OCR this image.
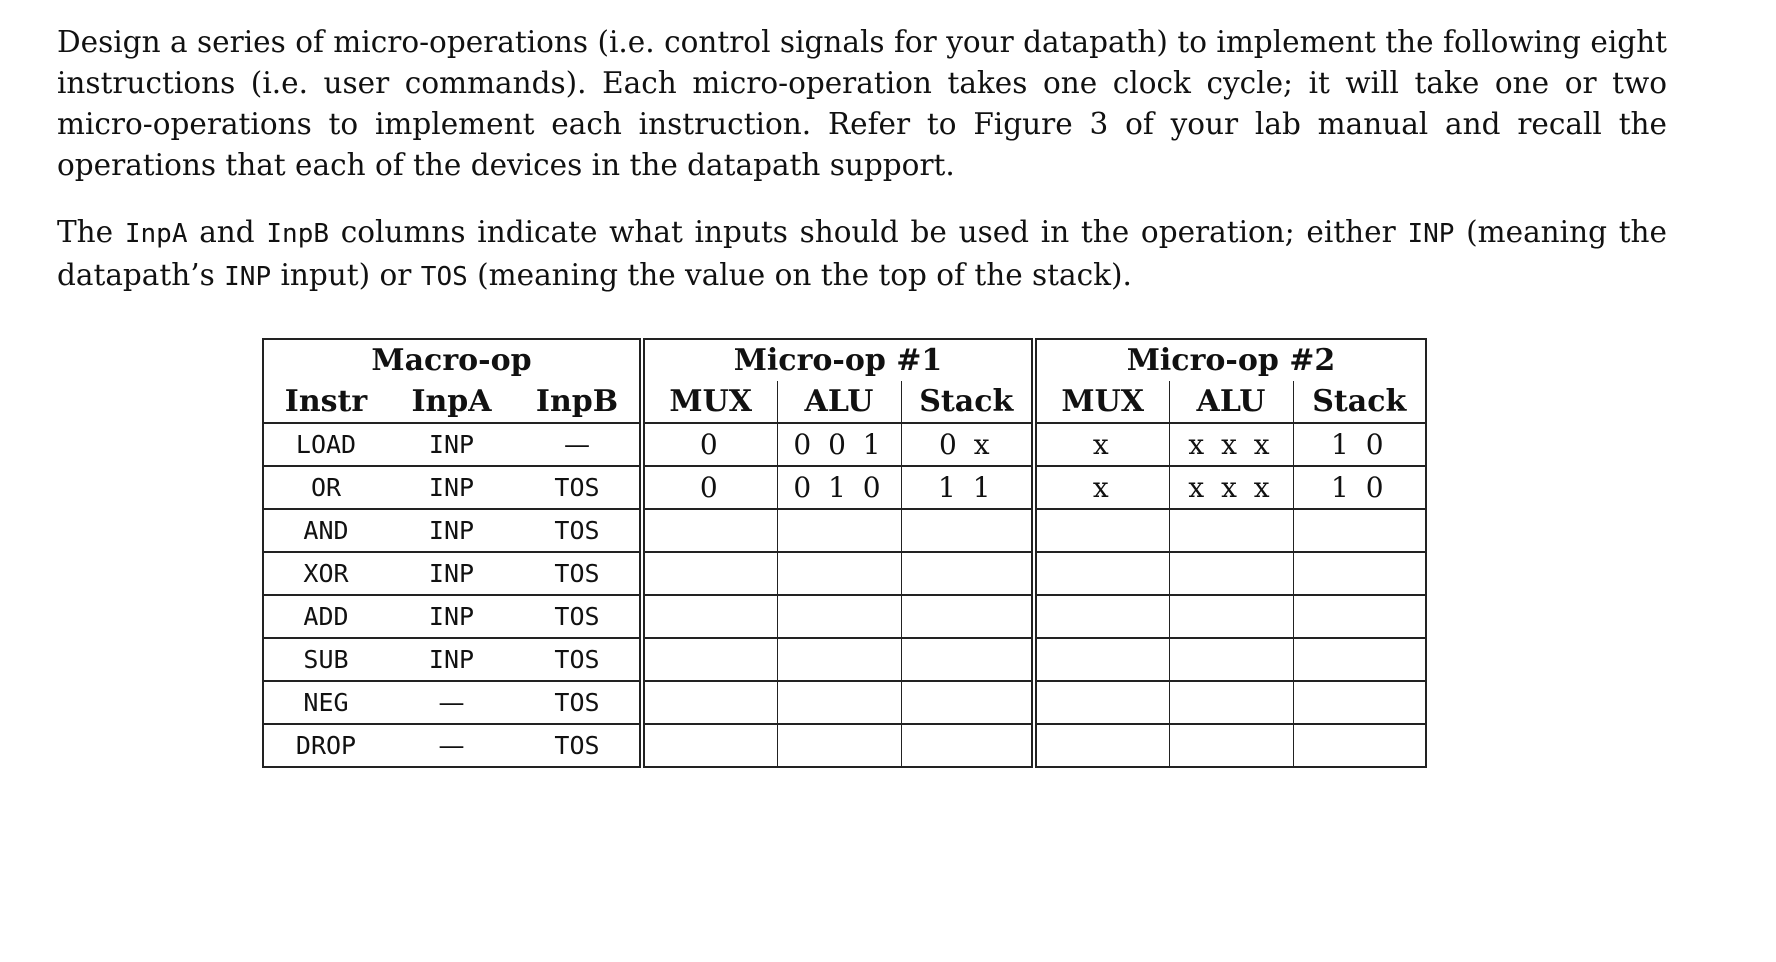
Design a series of micro-operations (i.e. control signals for your datapath) to implement the following eight instructions (i.e. user commands). Each micro-operation takes one clock cycle; it will take one or two micro-operations to implement each instruction. Refer to Figure 3 of your lab manual and recall the operations that each of the devices in the datapath support.

The InpA and InpB columns indicate what inputs should be used in the operation; either INP (meaning the datapath’s INP input) or TOS (meaning the value on the top of the stack).

Macro-op			Micro-op #1			Micro-op #2		
Instr	InpA	InpB	MUX	ALU	Stack	MUX	ALU	Stack
LOAD	INP	—	0	0 0 1	0 x	x	x x x	1 0
OR	INP	TOS	0	0 1 0	1 1	x	x x x	1 0
AND	INP	TOS						
XOR	INP	TOS						
ADD	INP	TOS						
SUB	INP	TOS						
NEG	—	TOS						
DROP	—	TOS						
